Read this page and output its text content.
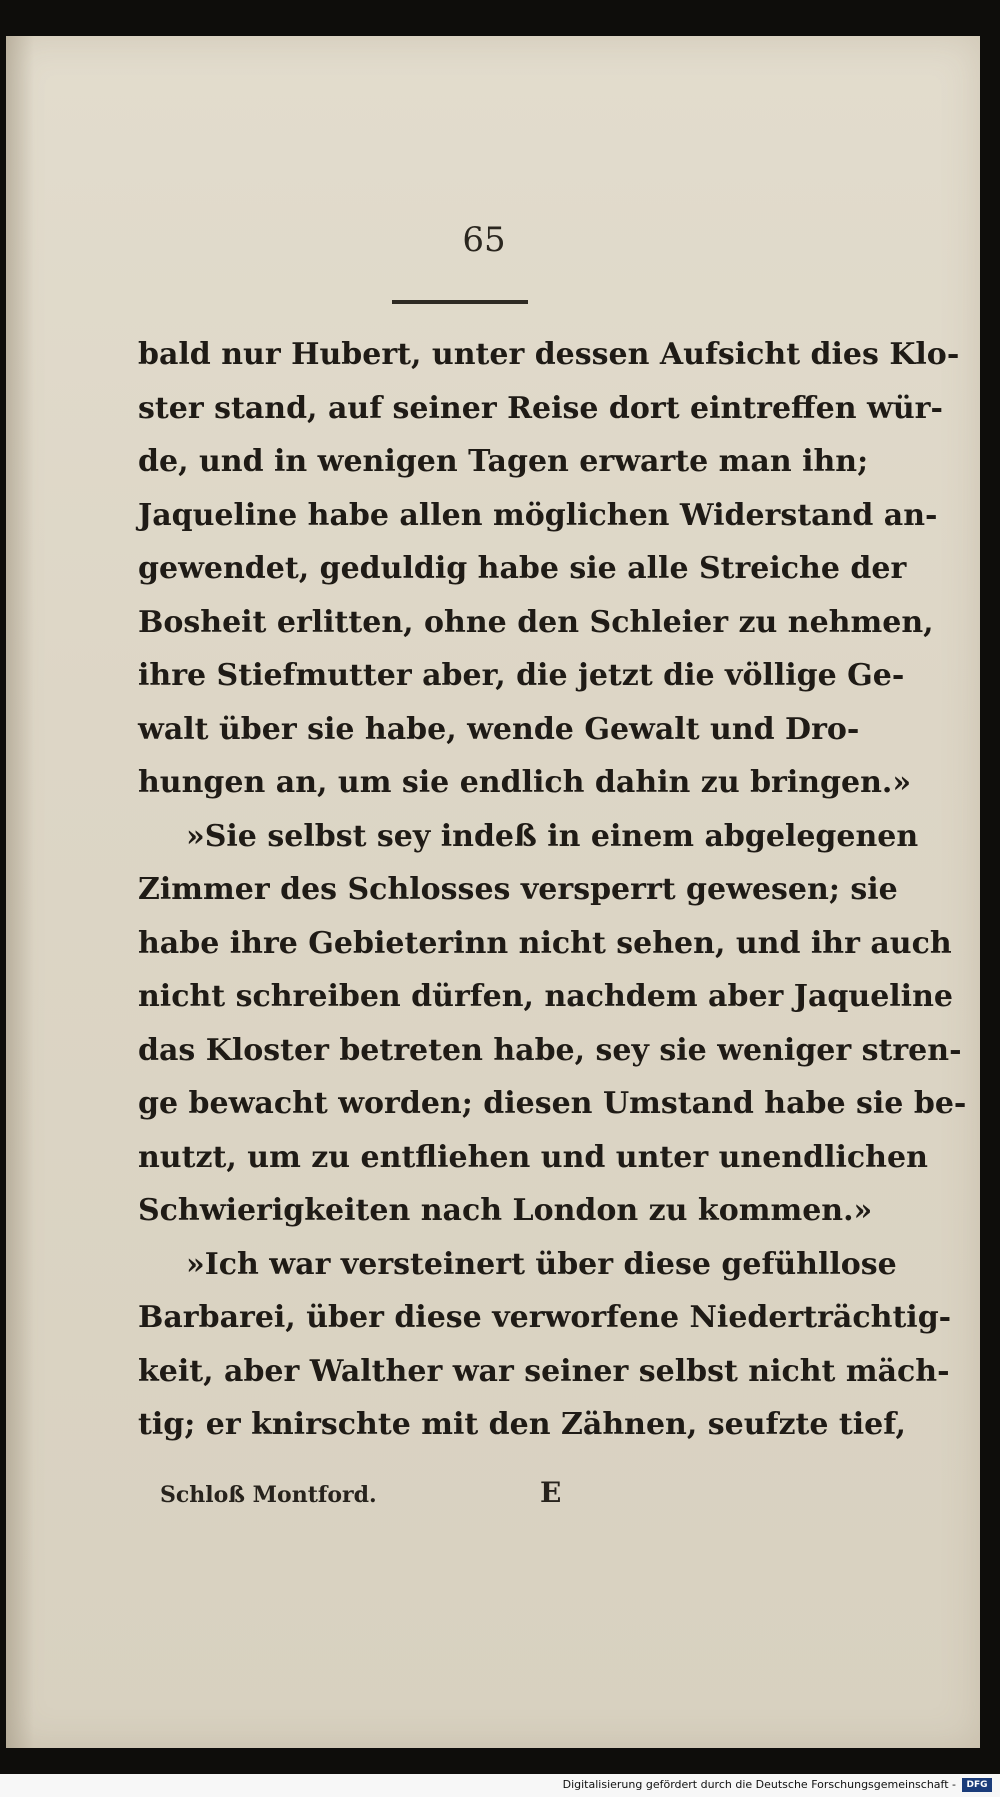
65

bald nur Hubert, unter dessen Aufsicht dies Klo-
ster stand, auf seiner Reise dort eintreffen wür-
de, und in wenigen Tagen erwarte man ihn;
Jaqueline habe allen möglichen Widerstand an-
gewendet, geduldig habe sie alle Streiche der
Bosheit erlitten, ohne den Schleier zu nehmen,
ihre Stiefmutter aber, die jetzt die völlige Ge-
walt über sie habe, wende Gewalt und Dro-
hungen an, um sie endlich dahin zu bringen.»
»Sie selbst sey indeß in einem abgelegenen
Zimmer des Schlosses versperrt gewesen; sie
habe ihre Gebieterinn nicht sehen, und ihr auch
nicht schreiben dürfen, nachdem aber Jaqueline
das Kloster betreten habe, sey sie weniger stren-
ge bewacht worden; diesen Umstand habe sie be-
nutzt, um zu entfliehen und unter unendlichen
Schwierigkeiten nach London zu kommen.»
»Ich war versteinert über diese gefühllose
Barbarei, über diese verworfene Niederträchtig-
keit, aber Walther war seiner selbst nicht mäch-
tig; er knirschte mit den Zähnen, seufzte tief,

Schloß Montford.	E

Digitalisierung gefördert durch die Deutsche Forschungsgemeinschaft -	DFG
